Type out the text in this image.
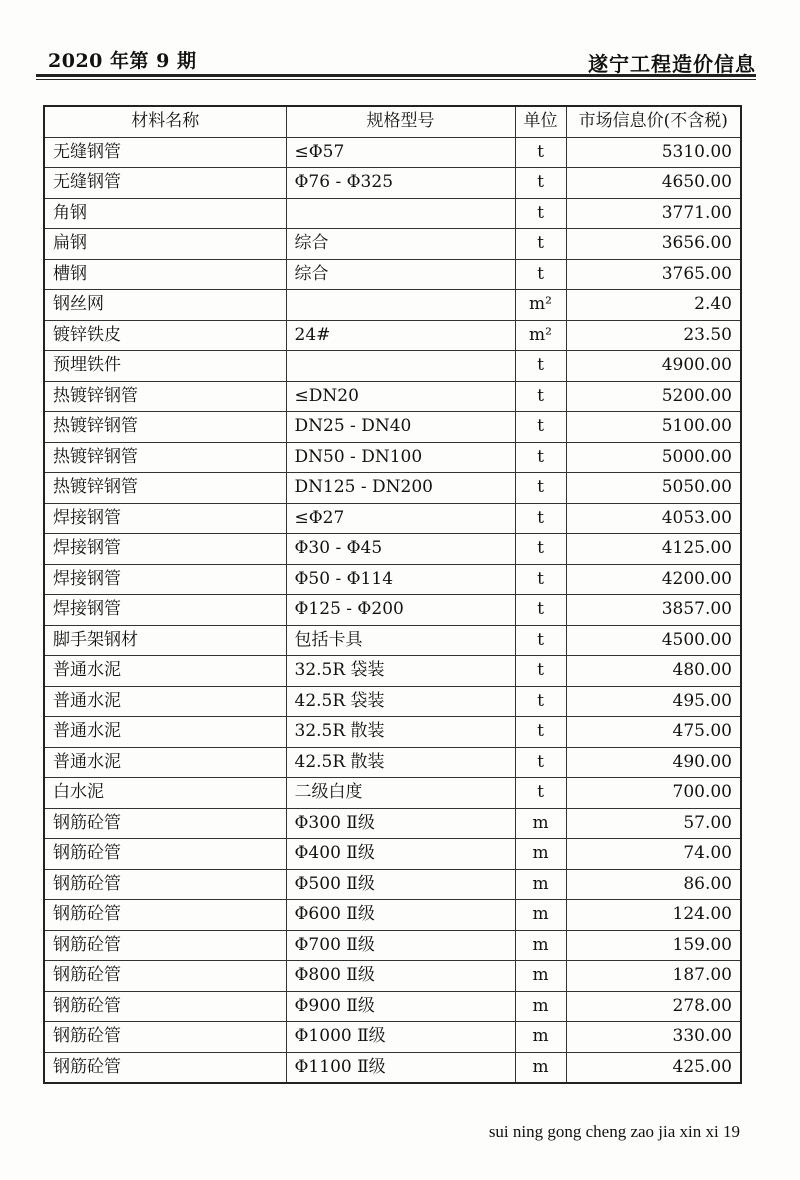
2020 年第 9 期	遂宁工程造价信息
材料名称	规格型号	单位	市场信息价(不含税)
无缝钢管	≤Φ57	t	5310.00
无缝钢管	Φ76 - Φ325	t	4650.00
角钢		t	3771.00
扁钢	综合	t	3656.00
槽钢	综合	t	3765.00
钢丝网		m²	2.40
镀锌铁皮	24#	m²	23.50
预埋铁件		t	4900.00
热镀锌钢管	≤DN20	t	5200.00
热镀锌钢管	DN25 - DN40	t	5100.00
热镀锌钢管	DN50 - DN100	t	5000.00
热镀锌钢管	DN125 - DN200	t	5050.00
焊接钢管	≤Φ27	t	4053.00
焊接钢管	Φ30 - Φ45	t	4125.00
焊接钢管	Φ50 - Φ114	t	4200.00
焊接钢管	Φ125 - Φ200	t	3857.00
脚手架钢材	包括卡具	t	4500.00
普通水泥	32.5R 袋装	t	480.00
普通水泥	42.5R 袋装	t	495.00
普通水泥	32.5R 散装	t	475.00
普通水泥	42.5R 散装	t	490.00
白水泥	二级白度	t	700.00
钢筋砼管	Φ300 Ⅱ级	m	57.00
钢筋砼管	Φ400 Ⅱ级	m	74.00
钢筋砼管	Φ500 Ⅱ级	m	86.00
钢筋砼管	Φ600 Ⅱ级	m	124.00
钢筋砼管	Φ700 Ⅱ级	m	159.00
钢筋砼管	Φ800 Ⅱ级	m	187.00
钢筋砼管	Φ900 Ⅱ级	m	278.00
钢筋砼管	Φ1000 Ⅱ级	m	330.00
钢筋砼管	Φ1100 Ⅱ级	m	425.00
sui ning gong cheng zao jia xin xi 19
